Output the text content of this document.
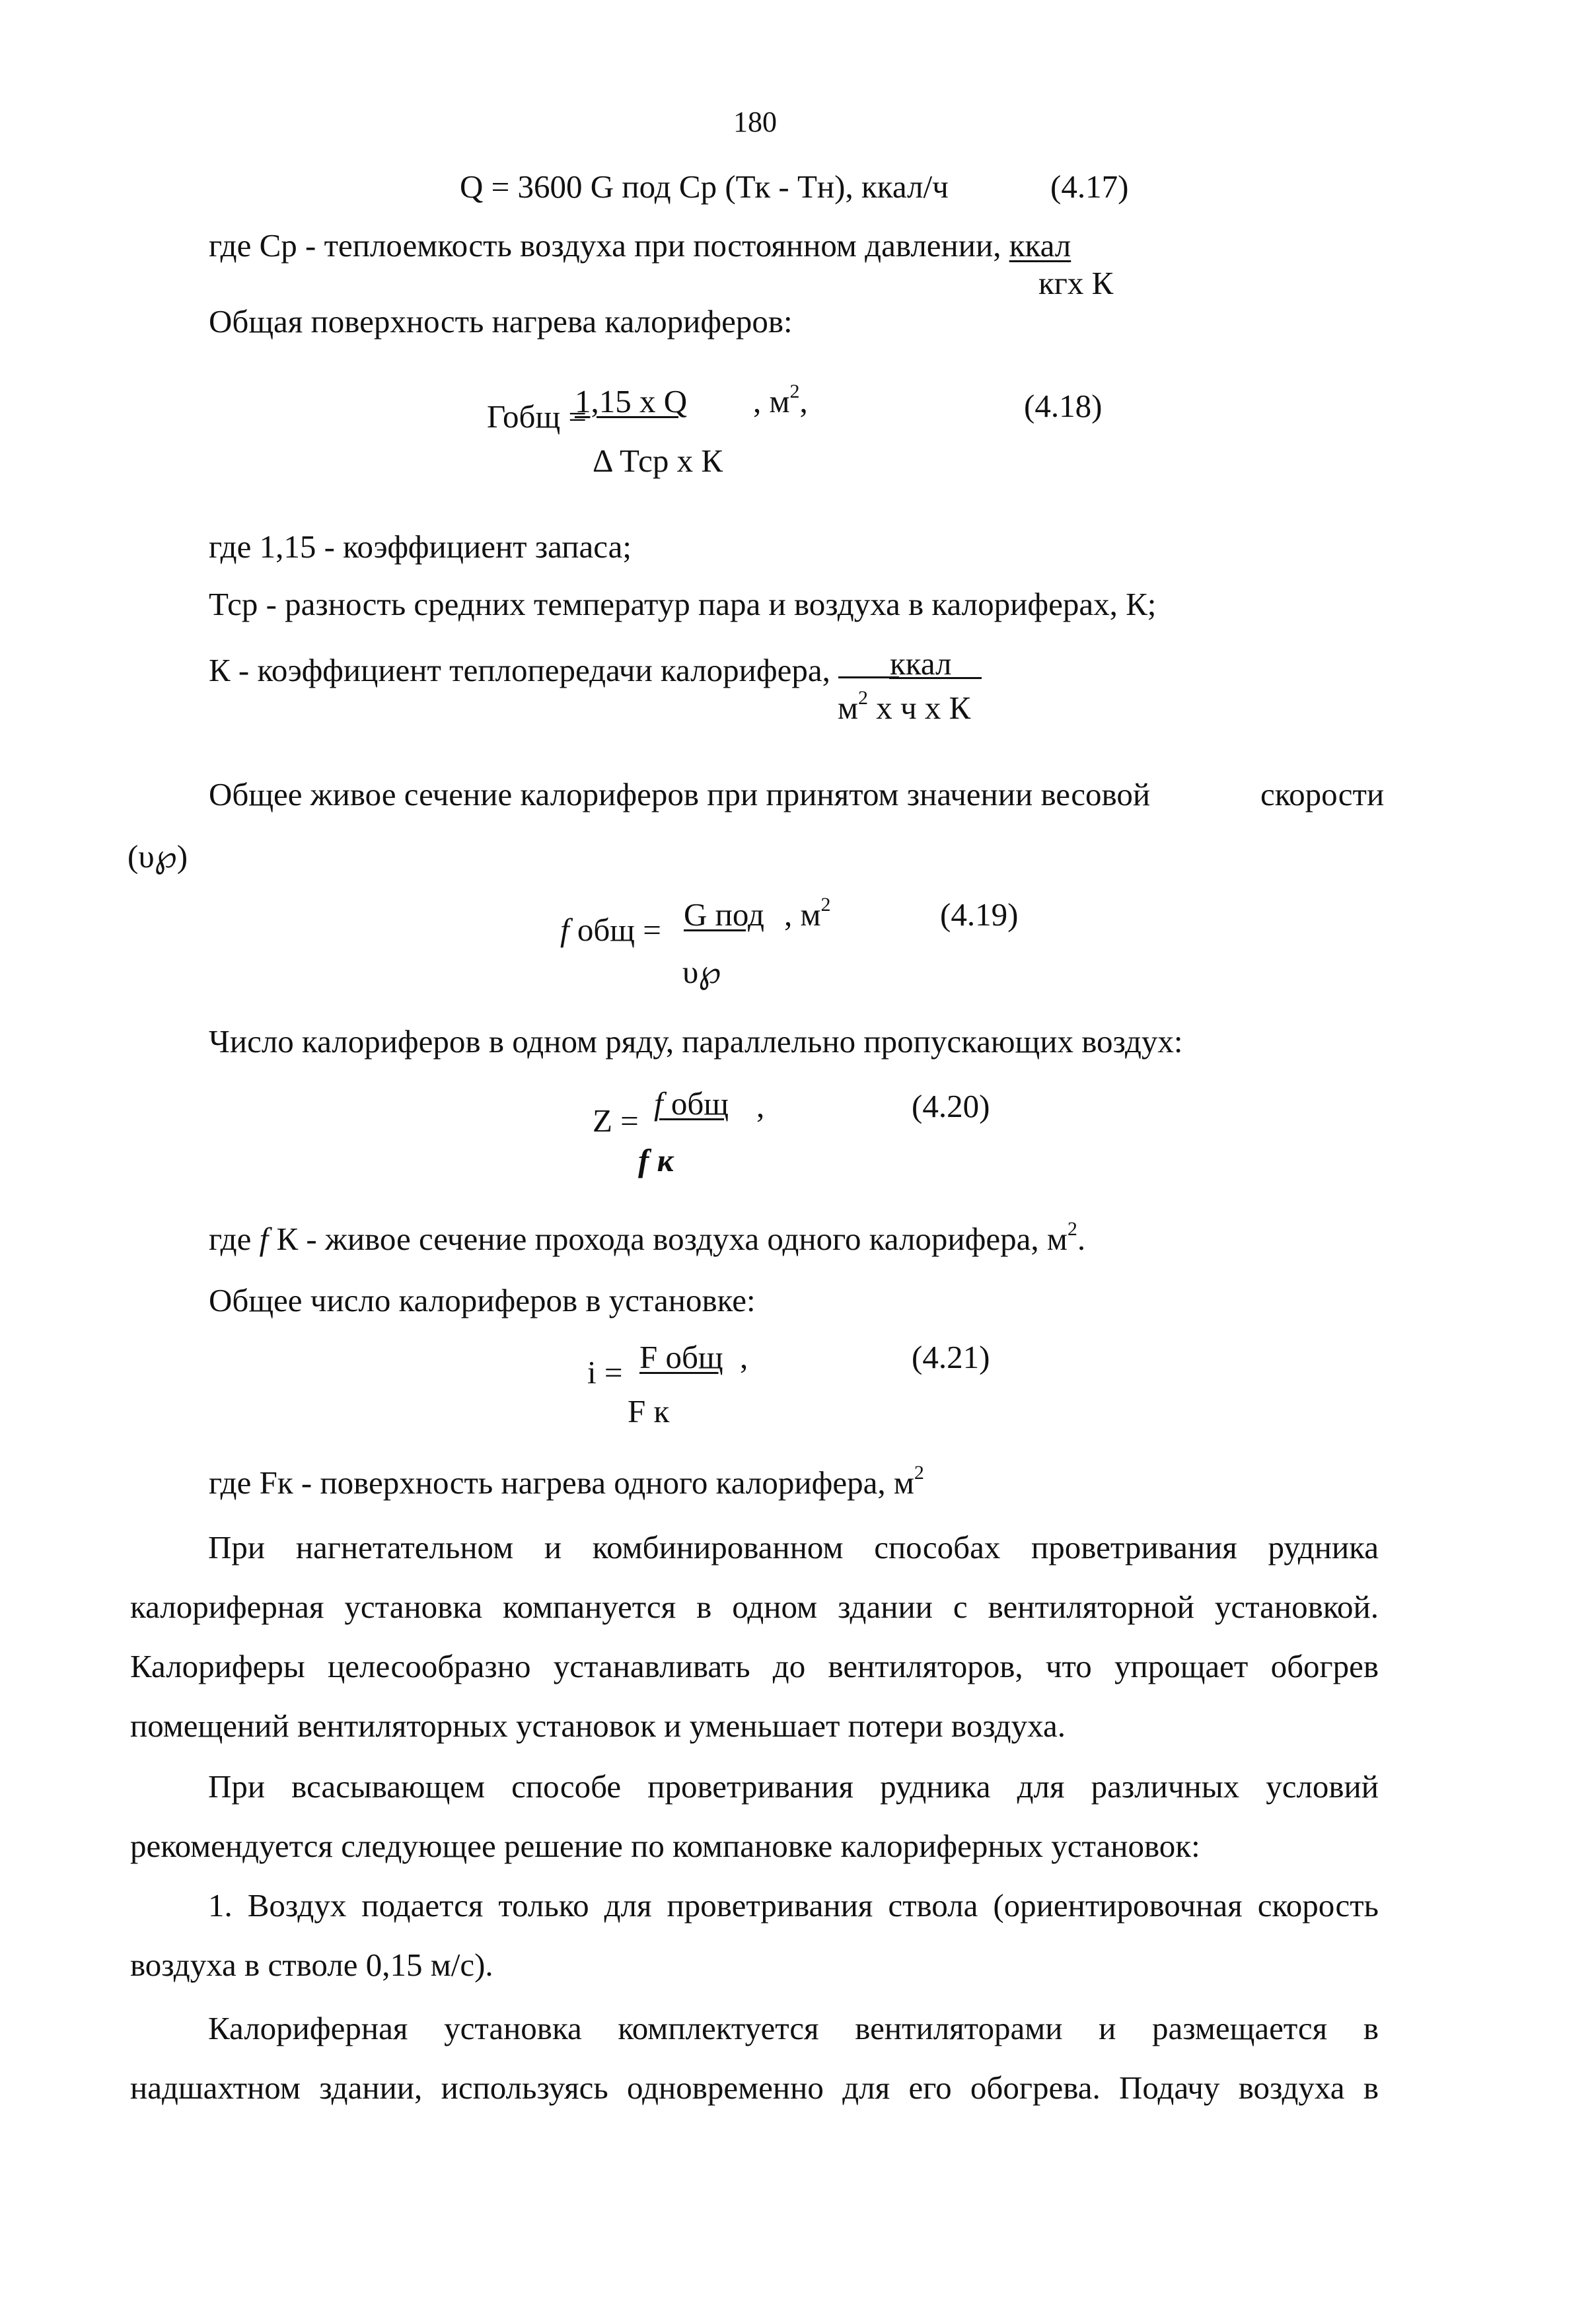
180
Q = 3600 G под Cp (Тк - Тн), ккал/ч	(4.17)
где Ср - теплоемкость воздуха при постоянном давлении, ккал
кгх К
Общая поверхность нагрева калориферов:
Гобщ =
1,15 х Q , $м^2$,
Δ Тср х К
(4.18)
где 1,15 - коэффициент запаса;
Тср - разность средних температур пара и воздуха в калориферах, К;
К - коэффициент теплопередачи калорифера,	ккал
$м^2$ х ч х К
Общее живое сечение калориферов при принятом значении весовой	скорости
(υ℘)
f общ = G под , $м^2$
υ℘
(4.19)
Число калориферов в одном ряду, параллельно пропускающих воздух:
Z = f общ ,
f к
(4.20)
где f К - живое сечение прохода воздуха одного калорифера, $м^2$.
Общее число калориферов в установке:
i = F общ ,
F к
(4.21)
где Fк - поверхность нагрева одного калорифера, $м^2$
При нагнетательном и комбинированном способах проветривания рудника
калориферная установка компануется в одном здании с вентиляторной установкой.
Калориферы целесообразно устанавливать до вентиляторов, что упрощает обогрев
помещений вентиляторных установок и уменьшает потери воздуха.
При всасывающем способе проветривания рудника для различных условий
рекомендуется следующее решение по компановке калориферных установок:
1. Воздух подается только для проветривания ствола (ориентировочная скорость
воздуха в стволе 0,15 м/с).
Калориферная установка комплектуется вентиляторами и размещается в
надшахтном здании, используясь одновременно для его обогрева. Подачу воздуха в
